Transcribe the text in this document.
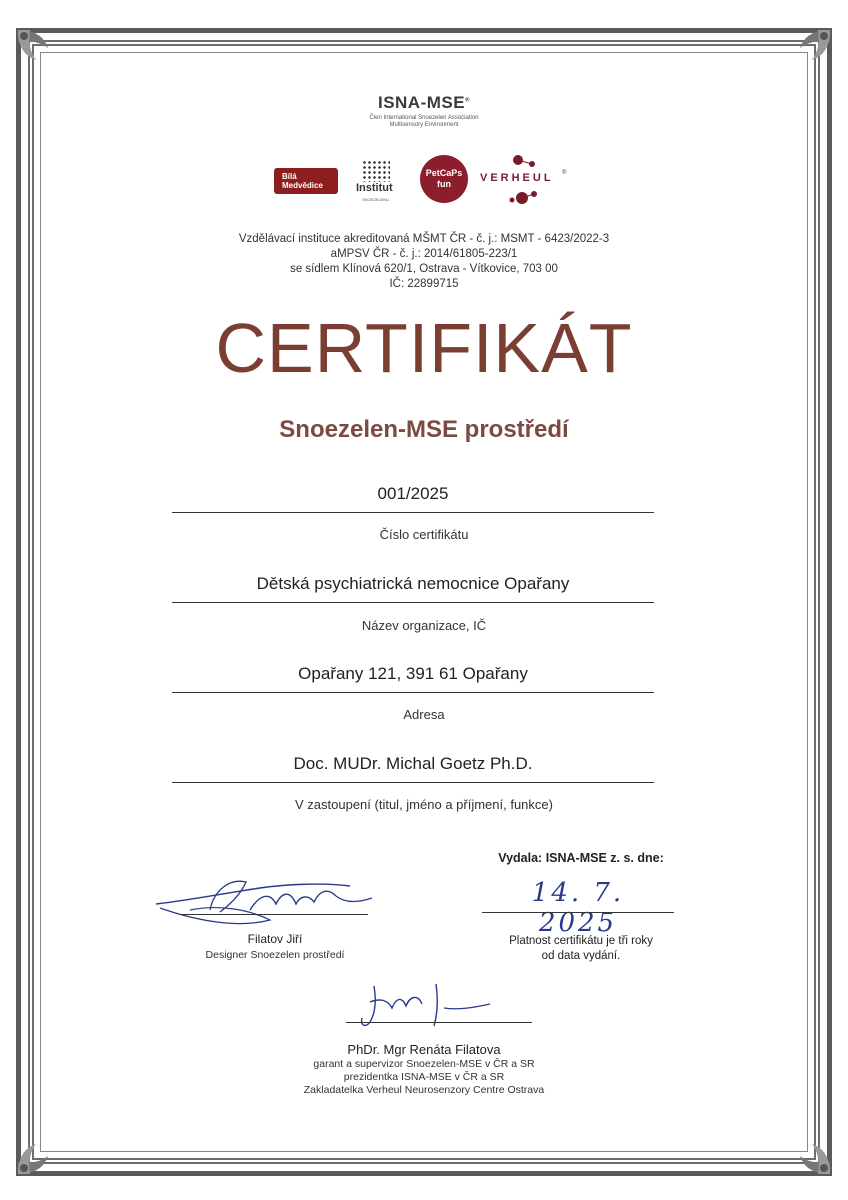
ISNA-MSE®
Člen International Snoezelen Association
Multisensory Environment
Bílá
Medvědice	Institut
SNOEZELENU
PetCaPs
fun	VERHEUL ®
Vzdělávací instituce akreditovaná MŠMT ČR - č. j.: MSMT - 6423/2022-3
aMPSV ČR - č. j.: 2014/61805-223/1
se sídlem Klínová 620/1, Ostrava - Vítkovice, 703 00
IČ: 22899715
CERTIFIKÁT
Snoezelen-MSE prostředí
001/2025
Číslo certifikátu
Dětská psychiatrická nemocnice Opařany
Název organizace, IČ
Opařany 121, 391 61 Opařany
Adresa
Doc. MUDr. Michal Goetz Ph.D.
V zastoupení (titul, jméno a příjmení, funkce)
Vydala: ISNA-MSE z. s. dne:
14. 7. 2025
Platnost certifikátu je tři roky
od data vydání.
Filatov Jiří
Designer Snoezelen prostředí
PhDr. Mgr Renáta Filatova
garant a supervizor Snoezelen-MSE v ČR a SR
prezidentka ISNA-MSE v ČR a SR
Zakladatelka Verheul Neurosenzory Centre Ostrava
